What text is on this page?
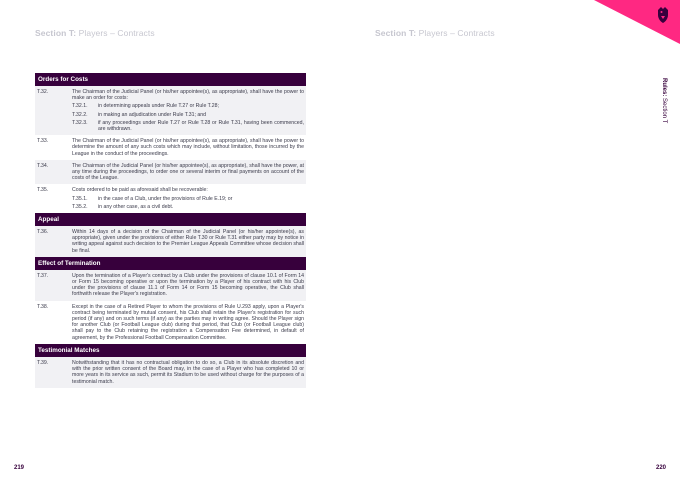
Section T: Players – Contracts
Orders for Costs
T.32.	The Chairman of the Judicial Panel (or his/her appointee(s), as appropriate), shall have the power to make an order for costs:

T.32.1.	in determining appeals under Rule T.27 or Rule T.28;
T.32.2.	in making an adjudication under Rule T.31; and
T.32.3.	if any proceedings under Rule T.27 or Rule T.28 or Rule T.31, having been commenced, are withdrawn.
T.33.	The Chairman of the Judicial Panel (or his/her appointee(s), as appropriate), shall have the power to determine the amount of any such costs which may include, without limitation, those incurred by the League in the conduct of the proceedings.

T.34.	The Chairman of the Judicial Panel (or his/her appointee(s), as appropriate), shall have the power, at any time during the proceedings, to order one or several interim or final payments on account of the costs of the League.

T.35.	Costs ordered to be paid as aforesaid shall be recoverable:

T.35.1.	in the case of a Club, under the provisions of Rule E.19; or
T.35.2.	in any other case, as a civil debt.
Appeal
T.36.	Within 14 days of a decision of the Chairman of the Judicial Panel (or his/her appointee(s), as appropriate), given under the provisions of either Rule T.30 or Rule T.31 either party may by notice in writing appeal against such decision to the Premier League Appeals Committee whose decision shall be final.

Effect of Termination
T.37.	Upon the termination of a Player's contract by a Club under the provisions of clause 10.1 of Form 14 or Form 15 becoming operative or upon the termination by a Player of his contract with his Club under the provisions of clause 11.1 of Form 14 or Form 15 becoming operative, the Club shall forthwith release the Player's registration.

T.38.	Except in the case of a Retired Player to whom the provisions of Rule U.293 apply, upon a Player's contract being terminated by mutual consent, his Club shall retain the Player's registration for such period (if any) and on such terms (if any) as the parties may in writing agree. Should the Player sign for another Club (or Football League club) during that period, that Club (or Football League club) shall pay to the Club retaining the registration a Compensation Fee determined, in default of agreement, by the Professional Football Compensation Committee.

Testimonial Matches
T.39.	Notwithstanding that it has no contractual obligation to do so, a Club in its absolute discretion and with the prior written consent of the Board may, in the case of a Player who has completed 10 or more years in its service as such, permit its Stadium to be used without charge for the purposes of a testimonial match.

219
Section T: Players – Contracts
Rules: Section T
220
